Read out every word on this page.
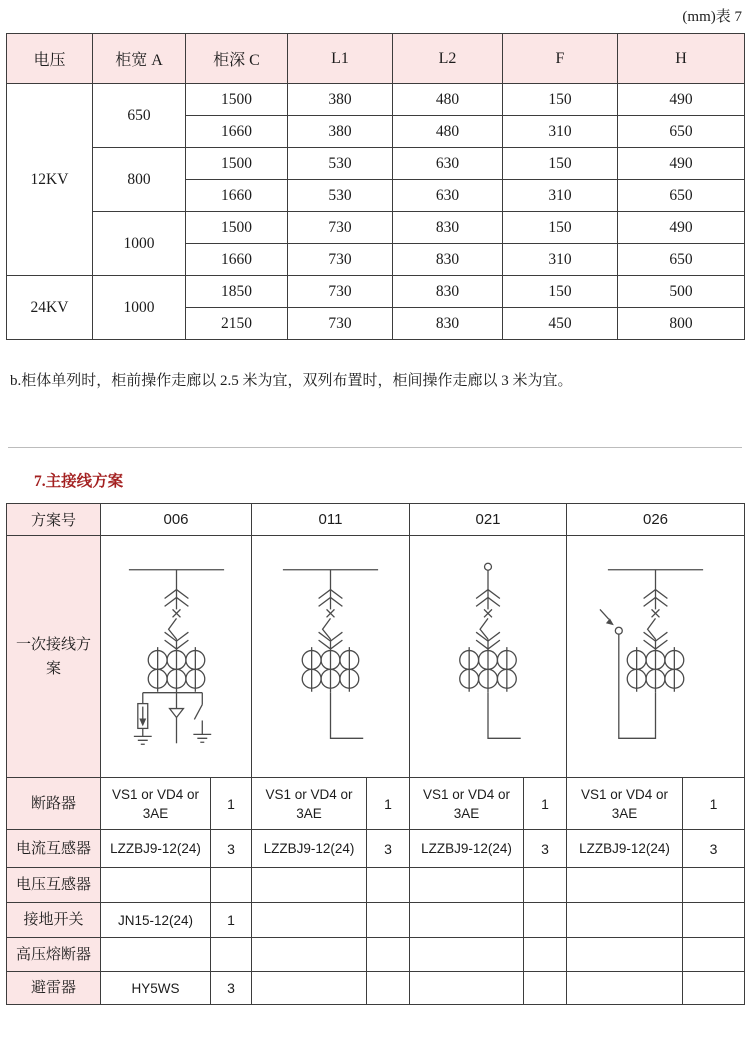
(mm)表 7
电压	柜宽 A	柜深 C	L1	L2	F	H
12KV	650	1500	380	480	150	490
		1660	380	480	310	650
	800	1500	530	630	150	490
		1660	530	630	310	650
	1000	1500	730	830	150	490
		1660	730	830	310	650
24KV	1000	1850	730	830	150	500
		2150	730	830	450	800

b.柜体单列时，柜前操作走廊以 2.5 米为宜，双列布置时，柜间操作走廊以 3 米为宜。

7.主接线方案
方案号	006		011		021		026	
一次接线方案	

断路器	VS1 or VD4 or 3AE	1	VS1 or VD4 or 3AE	1	VS1 or VD4 or 3AE	1	VS1 or VD4 or 3AE	1
电流互感器	LZZBJ9-12(24)	3	LZZBJ9-12(24)	3	LZZBJ9-12(24)	3	LZZBJ9-12(24)	3
电压互感器								
接地开关	JN15-12(24)	1						
高压熔断器								
避雷器	HY5WS	3						
